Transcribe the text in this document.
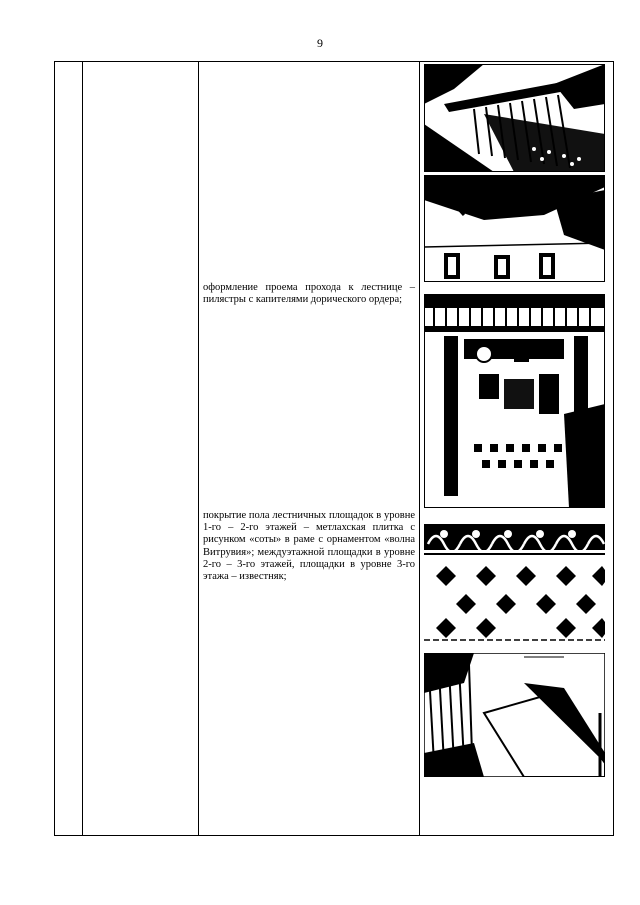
9
оформление проема прохода к лестнице – пилястры с капителями дорического ордера;
покрытие пола лестничных площадок в уровне 1-го – 2-го этажей – метлахская плитка с рисунком «соты» в раме с орнаментом «волна Витрувия»; междуэтажной площадки в уровне 2-го – 3-го этажей, площадки в уровне 3-го этажа – известняк;
